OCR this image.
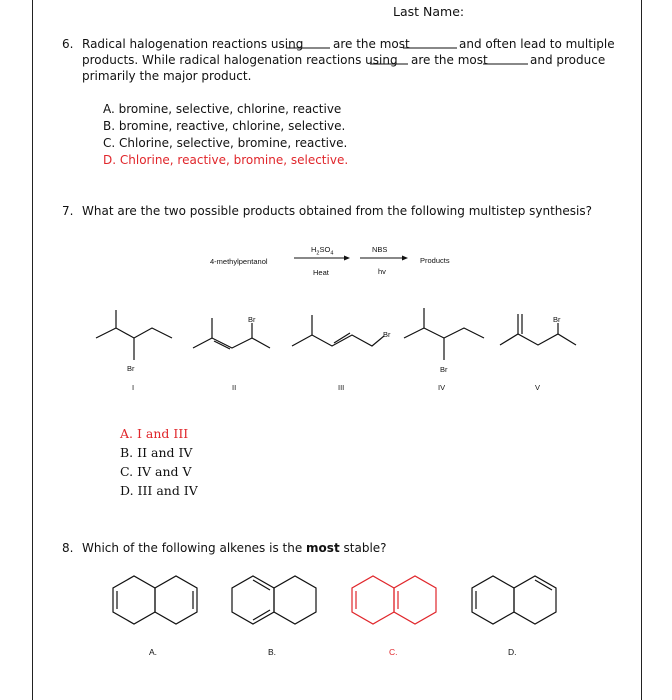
Last Name:
6. Radical halogenation reactions using are the most	and often lead to multiple
products. While radical halogenation reactions using are the most	and produce
primarily the major product.
A. bromine, selective, chlorine, reactive
B. bromine, reactive, chlorine, selective.
C. Chlorine, selective, bromine, reactive.
D. Chlorine, reactive, bromine, selective.
7. What are the two possible products obtained from the following multistep synthesis?
4-methylpentanol
$H_2SO_4$
Heat
NBS
hv
Products
Br
Br
Br
Br
Br
I	II	III	IV	V
A. I and III
B. II and IV
C. IV and V
D. III and IV
8. Which of the following alkenes is the most stable?
A.	B.	C.	D.
